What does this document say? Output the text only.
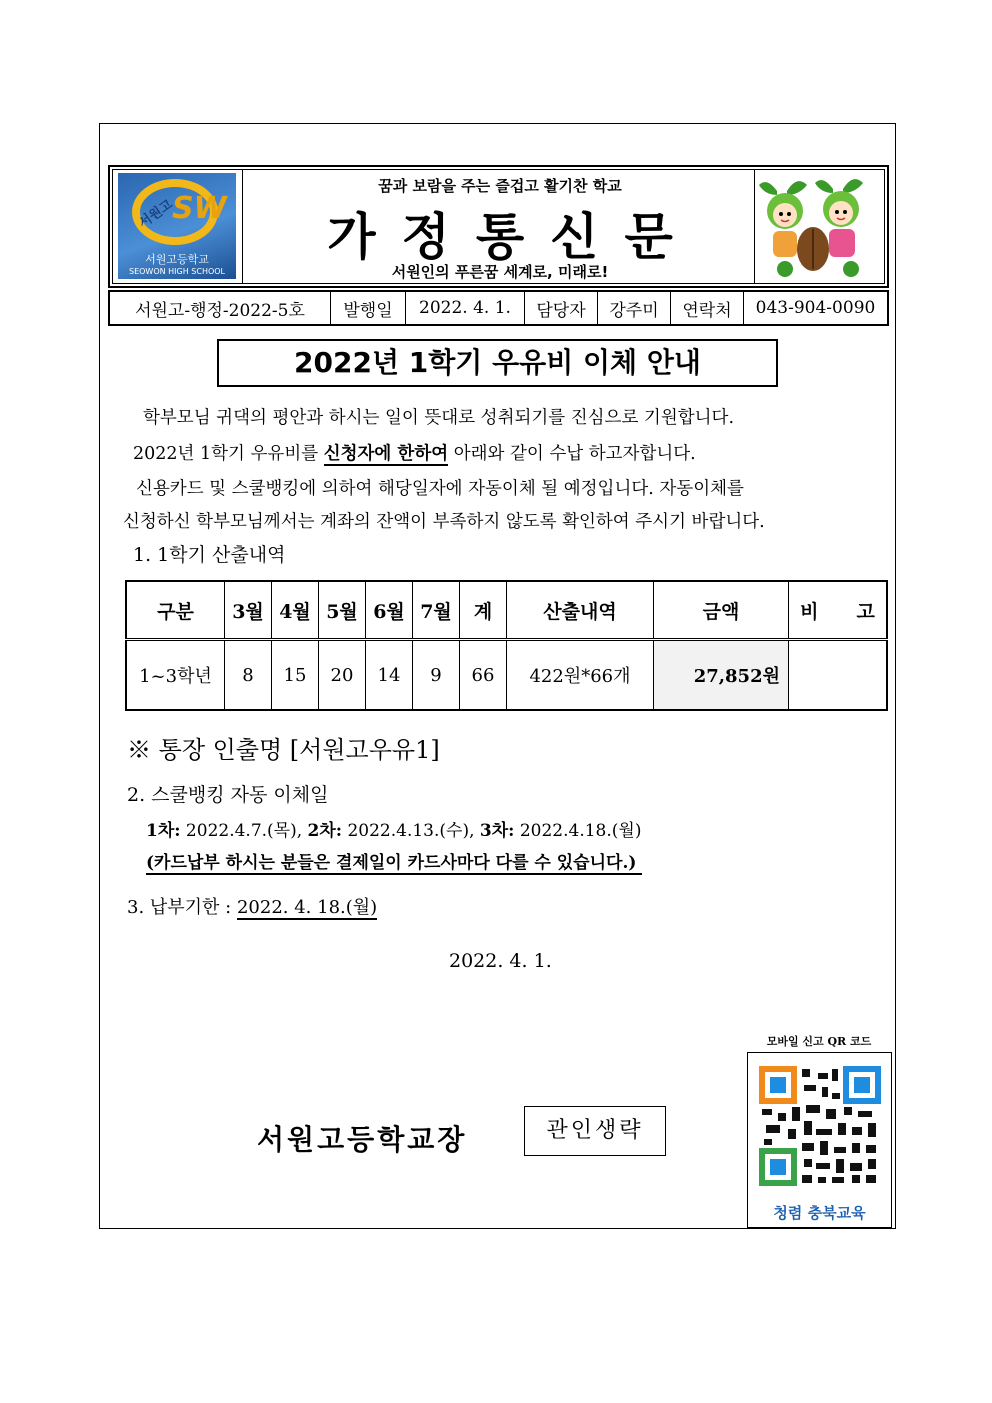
서원고
SW
서원고등학교
SEOWON HIGH SCHOOL
꿈과 보람을 주는 즐겁고 활기찬 학교
가정통신문
서원인의 푸른꿈 세계로, 미래로!
서원고-행정-2022-5호	발행일	2022. 4. 1.	담당자	강주미	연락처	043-904-0090
2022년 1학기 우유비 이체 안내
학부모님 귀댁의 평안과 하시는 일이 뜻대로 성취되기를 진심으로 기원합니다.
2022년 1학기 우유비를 신청자에 한하여 아래와 같이 수납 하고자합니다.
신용카드 및 스쿨뱅킹에 의하여 해당일자에 자동이체 될 예정입니다. 자동이체를
신청하신 학부모님께서는 계좌의 잔액이 부족하지 않도록 확인하여 주시기 바랍니다.
1. 1학기 산출내역
구분	3월	4월	5월	6월	7월	계	산출내역	금액	비　　고
1~3학년	8	15	20	14	9	66	422원*66개	27,852원	
※ 통장 인출명 [서원고우유1]
2. 스쿨뱅킹 자동 이체일
1차: 2022.4.7.(목), 2차: 2022.4.13.(수), 3차: 2022.4.18.(월)
(카드납부 하시는 분들은 결제일이 카드사마다 다를 수 있습니다.)
3. 납부기한 : 2022. 4. 18.(월)
2022. 4. 1.
서원고등학교장	관인생략
모바일 신고 QR 코드
청렴 충북교육
